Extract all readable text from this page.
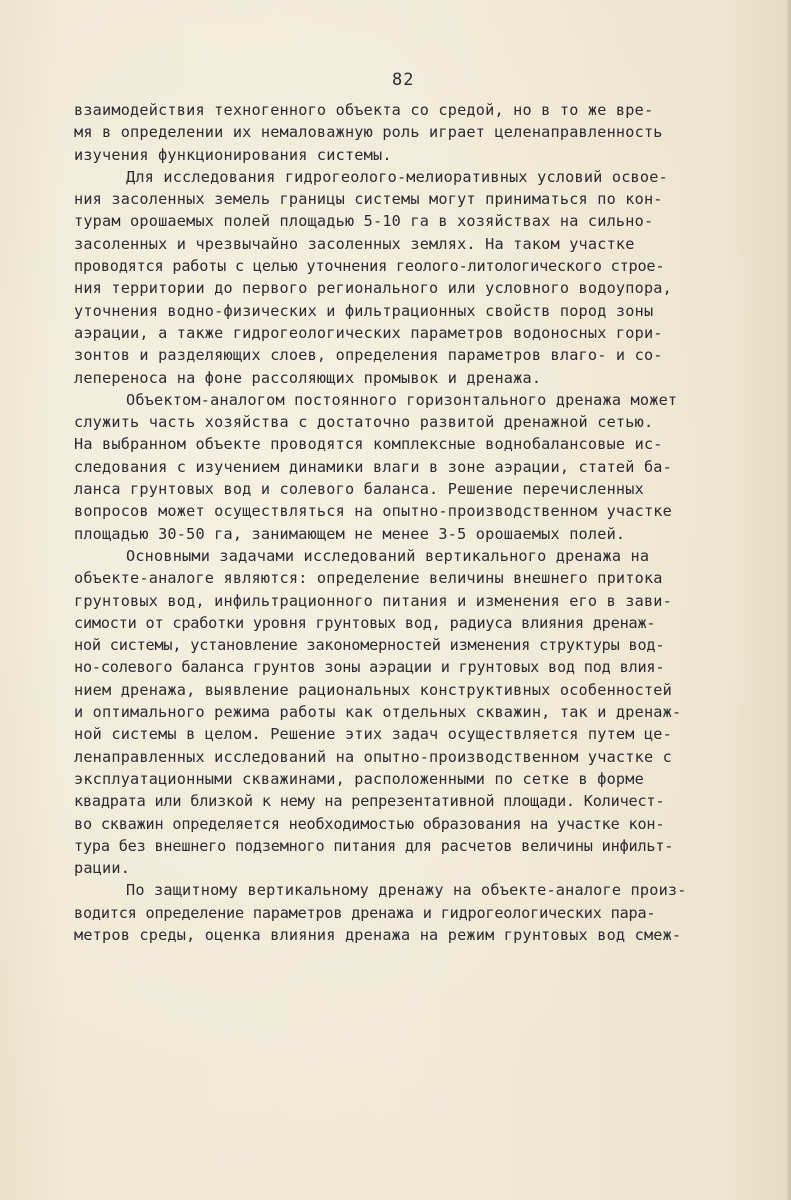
82
взаимодействия техногенного объекта со средой, но в то же вре-
мя в определении их немаловажную роль играет целенаправленность
изучения функционирования системы.
Для исследования гидрогеолого-мелиоративных условий освое-
ния засоленных земель границы системы могут приниматься по кон-
турам орошаемых полей площадью 5-10 га в хозяйствах на сильно-
засоленных и чрезвычайно засоленных землях. На таком участке
проводятся работы с целью уточнения геолого-литологического строе-
ния территории до первого регионального или условного водоупора,
уточнения водно-физических и фильтрационных свойств пород зоны
аэрации, а также гидрогеологических параметров водоносных гори-
зонтов и разделяющих слоев, определения параметров влаго- и со-
лепереноса на фоне рассоляющих промывок и дренажа.
Объектом-аналогом постоянного горизонтального дренажа может
служить часть хозяйства с достаточно развитой дренажной сетью.
На выбранном объекте проводятся комплексные воднобалансовые ис-
следования с изучением динамики влаги в зоне аэрации, статей ба-
ланса грунтовых вод и солевого баланса. Решение перечисленных
вопросов может осуществляться на опытно-производственном участке
площадью 30-50 га, занимающем не менее 3-5 орошаемых полей.
Основными задачами исследований вертикального дренажа на
объекте-аналоге являются: определение величины внешнего притока
грунтовых вод, инфильтрационного питания и изменения его в зави-
симости от сработки уровня грунтовых вод, радиуса влияния дренаж-
ной системы, установление закономерностей изменения структуры вод-
но-солевого баланса грунтов зоны аэрации и грунтовых вод под влия-
нием дренажа, выявление рациональных конструктивных особенностей
и оптимального режима работы как отдельных скважин, так и дренаж-
ной системы в целом. Решение этих задач осуществляется путем це-
ленаправленных исследований на опытно-производственном участке с
эксплуатационными скважинами, расположенными по сетке в форме
квадрата или близкой к нему на репрезентативной площади. Количест-
во скважин определяется необходимостью образования на участке кон-
тура без внешнего подземного питания для расчетов величины инфильт-
рации.
По защитному вертикальному дренажу на объекте-аналоге произ-
водится определение параметров дренажа и гидрогеологических пара-
метров среды, оценка влияния дренажа на режим грунтовых вод смеж-
